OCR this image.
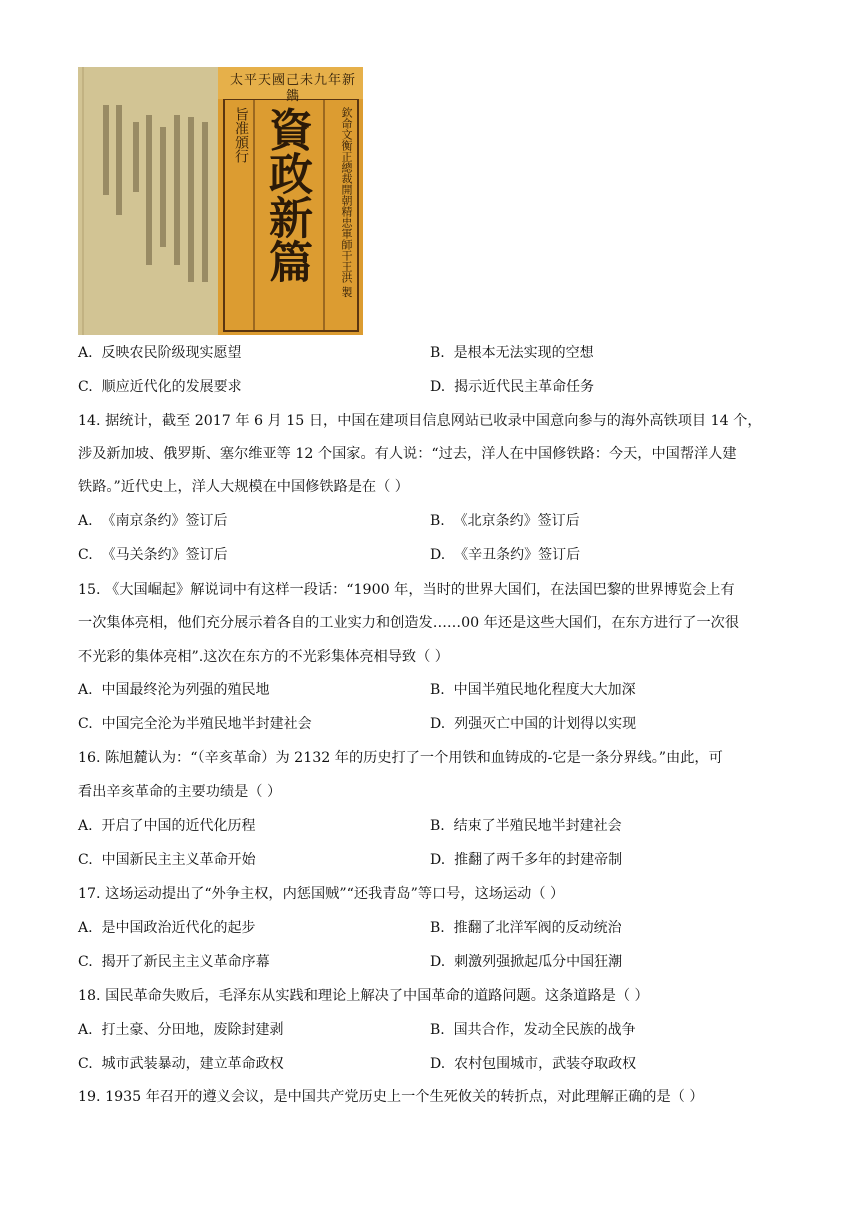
太平天國己未九年新鐫
資政新篇	欽命文衡正總裁開朝精忠軍師干王洪 製
旨准頒行
A. 反映农民阶级现实愿望	B. 是根本无法实现的空想
C. 顺应近代化的发展要求	D. 揭示近代民主革命任务
14. 据统计，截至 2017 年 6 月 15 日，中国在建项目信息网站已收录中国意向参与的海外高铁项目 14 个，
涉及新加坡、俄罗斯、塞尔维亚等 12 个国家。有人说：“过去，洋人在中国修铁路：今天，中国帮洋人建
铁路。”近代史上，洋人大规模在中国修铁路是在（ ）
A. 《南京条约》签订后	B. 《北京条约》签订后
C. 《马关条约》签订后	D. 《辛丑条约》签订后
15. 《大国崛起》解说词中有这样一段话：“1900 年，当时的世界大国们，在法国巴黎的世界博览会上有
一次集体亮相，他们充分展示着各自的工业实力和创造发……00 年还是这些大国们，在东方进行了一次很
不光彩的集体亮相”.这次在东方的不光彩集体亮相导致（ ）
A. 中国最终沦为列强的殖民地	B. 中国半殖民地化程度大大加深
C. 中国完全沦为半殖民地半封建社会	D. 列强灭亡中国的计划得以实现
16. 陈旭麓认为：“（辛亥革命）为 2132 年的历史打了一个用铁和血铸成的-它是一条分界线。”由此，可
看出辛亥革命的主要功绩是（ ）
A. 开启了中国的近代化历程	B. 结束了半殖民地半封建社会
C. 中国新民主主义革命开始	D. 推翻了两千多年的封建帝制
17. 这场运动提出了“外争主权，内惩国贼”“还我青岛”等口号，这场运动（ ）
A. 是中国政治近代化的起步	B. 推翻了北洋军阀的反动统治
C. 揭开了新民主主义革命序幕	D. 刺激列强掀起瓜分中国狂潮
18. 国民革命失败后，毛泽东从实践和理论上解决了中国革命的道路问题。这条道路是（ ）
A. 打土豪、分田地，废除封建剥	B. 国共合作，发动全民族的战争
C. 城市武装暴动，建立革命政权	D. 农村包围城市，武装夺取政权
19. 1935 年召开的遵义会议，是中国共产党历史上一个生死攸关的转折点，对此理解正确的是（ ）
